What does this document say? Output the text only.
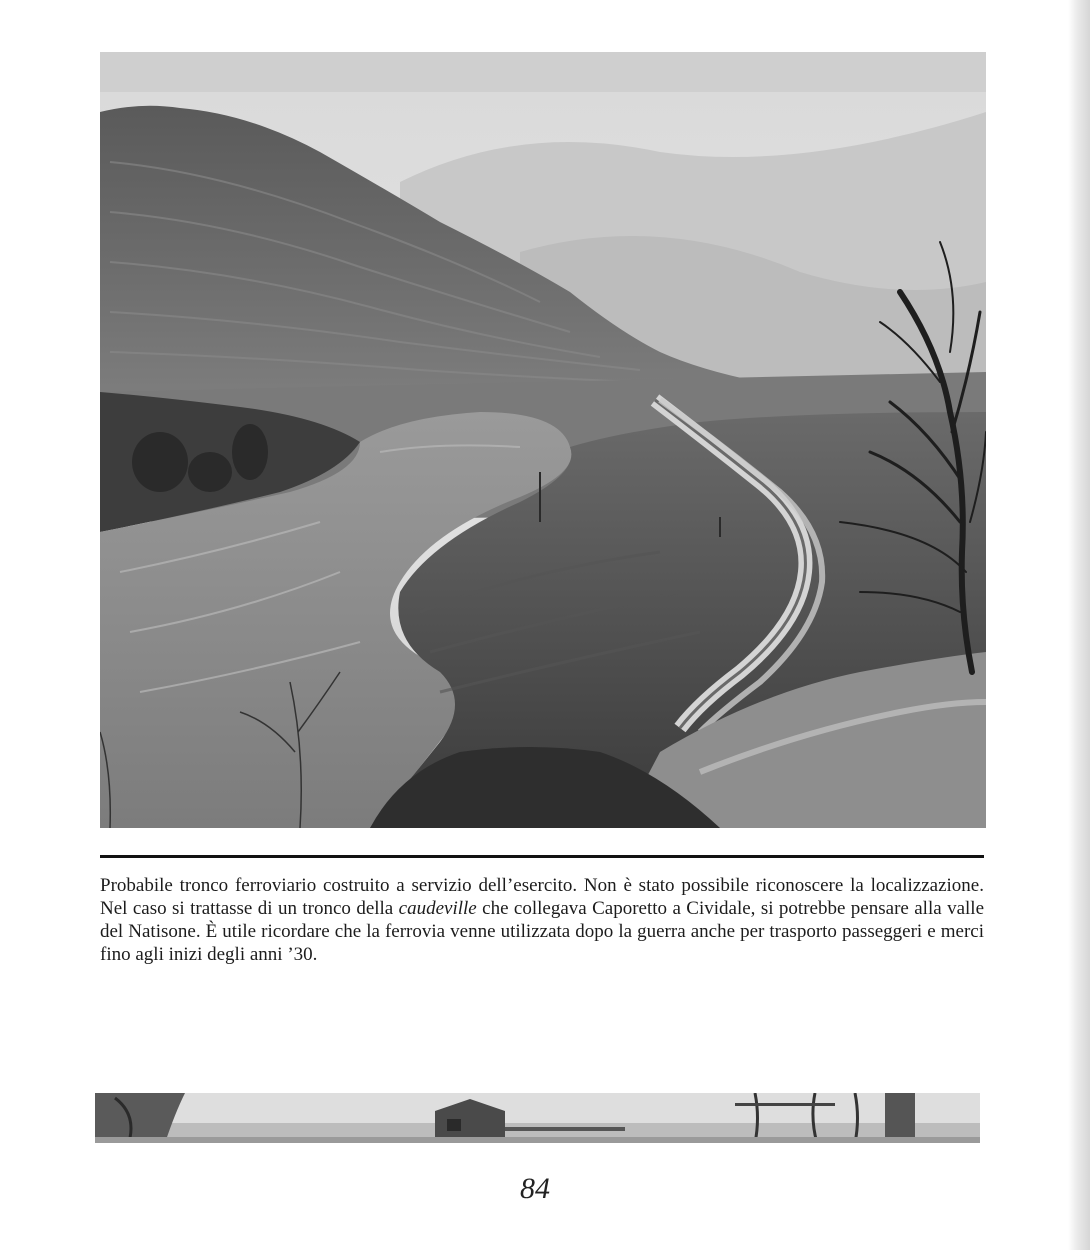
Probabile tronco ferroviario costruito a servizio dell’esercito. Non è stato possibile riconoscere la localizzazione. Nel caso si trattasse di un tronco della caudeville che collegava Caporetto a Cividale, si potrebbe pensare alla valle del Natisone. È utile ricordare che la ferrovia venne utilizzata dopo la guerra anche per trasporto passeggeri e merci fino agli inizi degli anni ’30.

84
